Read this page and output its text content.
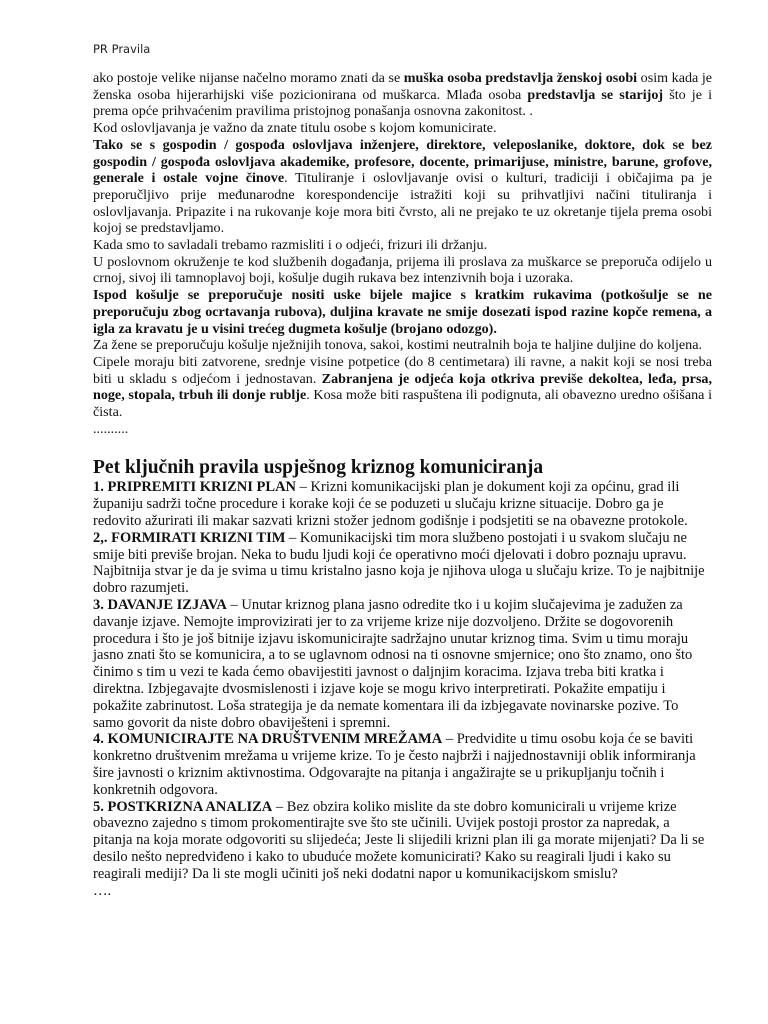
PR Pravila

ako postoje velike nijanse načelno moramo znati da se muška osoba predstavlja ženskoj osobi osim kada je ženska osoba hijerarhijski više pozicionirana od muškarca. Mlađa osoba predstavlja se starijoj što je i prema opće prihvaćenim pravilima pristojnog ponašanja osnovna zakonitost. .

Kod oslovljavanja je važno da znate titulu osobe s kojom komunicirate.

Tako se s gospodin / gospođa oslovljava inženjere, direktore, veleposlanike, doktore, dok se bez gospodin / gospođa oslovljava akademike, profesore, docente, primarijuse, ministre, barune, grofove, generale i ostale vojne činove. Tituliranje i oslovljavanje ovisi o kulturi, tradiciji i običajima pa je preporučljivo prije međunarodne korespondencije istražiti koji su prihvatljivi načini tituliranja i oslovljavanja. Pripazite i na rukovanje koje mora biti čvrsto, ali ne prejako te uz okretanje tijela prema osobi kojoj se predstavljamo.

Kada smo to savladali trebamo razmisliti i o odjeći, frizuri ili držanju.

U poslovnom okruženje te kod službenih događanja, prijema ili proslava za muškarce se preporuča odijelo u crnoj, sivoj ili tamnoplavoj boji, košulje dugih rukava bez intenzivnih boja i uzoraka.

Ispod košulje se preporučuje nositi uske bijele majice s kratkim rukavima (potkošulje se ne preporučuju zbog ocrtavanja rubova), duljina kravate ne smije dosezati ispod razine kopče remena, a igla za kravatu je u visini trećeg dugmeta košulje (brojano odozgo).

Za žene se preporučuju košulje nježnijih tonova, sakoi, kostimi neutralnih boja te haljine duljine do koljena.

Cipele moraju biti zatvorene, srednje visine potpetice (do 8 centimetara) ili ravne, a nakit koji se nosi treba biti u skladu s odjećom i jednostavan. Zabranjena je odjeća koja otkriva previše dekoltea, leđa, prsa, noge, stopala, trbuh ili donje rublje. Kosa može biti raspuštena ili podignuta, ali obavezno uredno ošišana i čista.

..........

Pet ključnih pravila uspješnog kriznog komuniciranja

1. PRIPREMITI KRIZNI PLAN – Krizni komunikacijski plan je dokument koji za općinu, grad ili županiju sadrži točne procedure i korake koji će se poduzeti u slučaju krizne situacije. Dobro ga je redovito ažurirati ili makar sazvati krizni stožer jednom godišnje i podsjetiti se na obavezne protokole.

2,. FORMIRATI KRIZNI TIM – Komunikacijski tim mora službeno postojati i u svakom slučaju ne smije biti previše brojan. Neka to budu ljudi koji će operativno moći djelovati i dobro poznaju upravu. Najbitnija stvar je da je svima u timu kristalno jasno koja je njihova uloga u slučaju krize. To je najbitnije dobro razumjeti.

3. DAVANJE IZJAVA – Unutar kriznog plana jasno odredite tko i u kojim slučajevima je zadužen za davanje izjave. Nemojte improvizirati jer to za vrijeme krize nije dozvoljeno. Držite se dogovorenih procedura i što je još bitnije izjavu iskomunicirajte sadržajno unutar kriznog tima. Svim u timu moraju jasno znati što se komunicira, a to se uglavnom odnosi na ti osnovne smjernice; ono što znamo, ono što činimo s tim u vezi te kada ćemo obavijestiti javnost o daljnjim koracima. Izjava treba biti kratka i direktna. Izbjegavajte dvosmislenosti i izjave koje se mogu krivo interpretirati. Pokažite empatiju i pokažite zabrinutost. Loša strategija je da nemate komentara ili da izbjegavate novinarske pozive. To samo govorit da niste dobro obaviješteni i spremni.

4. KOMUNICIRAJTE NA DRUŠTVENIM MREŽAMA – Predvidite u timu osobu koja će se baviti konkretno društvenim mrežama u vrijeme krize. To je često najbrži i najjednostavniji oblik informiranja šire javnosti o kriznim aktivnostima. Odgovarajte na pitanja i angažirajte se u prikupljanju točnih i konkretnih odgovora.

5. POSTKRIZNA ANALIZA – Bez obzira koliko mislite da ste dobro komunicirali u vrijeme krize obavezno zajedno s timom prokomentirajte sve što ste učinili. Uvijek postoji prostor za napredak, a pitanja na koja morate odgovoriti su slijedeća; Jeste li slijedili krizni plan ili ga morate mijenjati? Da li se desilo nešto nepredviđeno i kako to ubuduće možete komunicirati? Kako su reagirali ljudi i kako su reagirali mediji? Da li ste mogli učiniti još neki dodatni napor u komunikacijskom smislu?

….
